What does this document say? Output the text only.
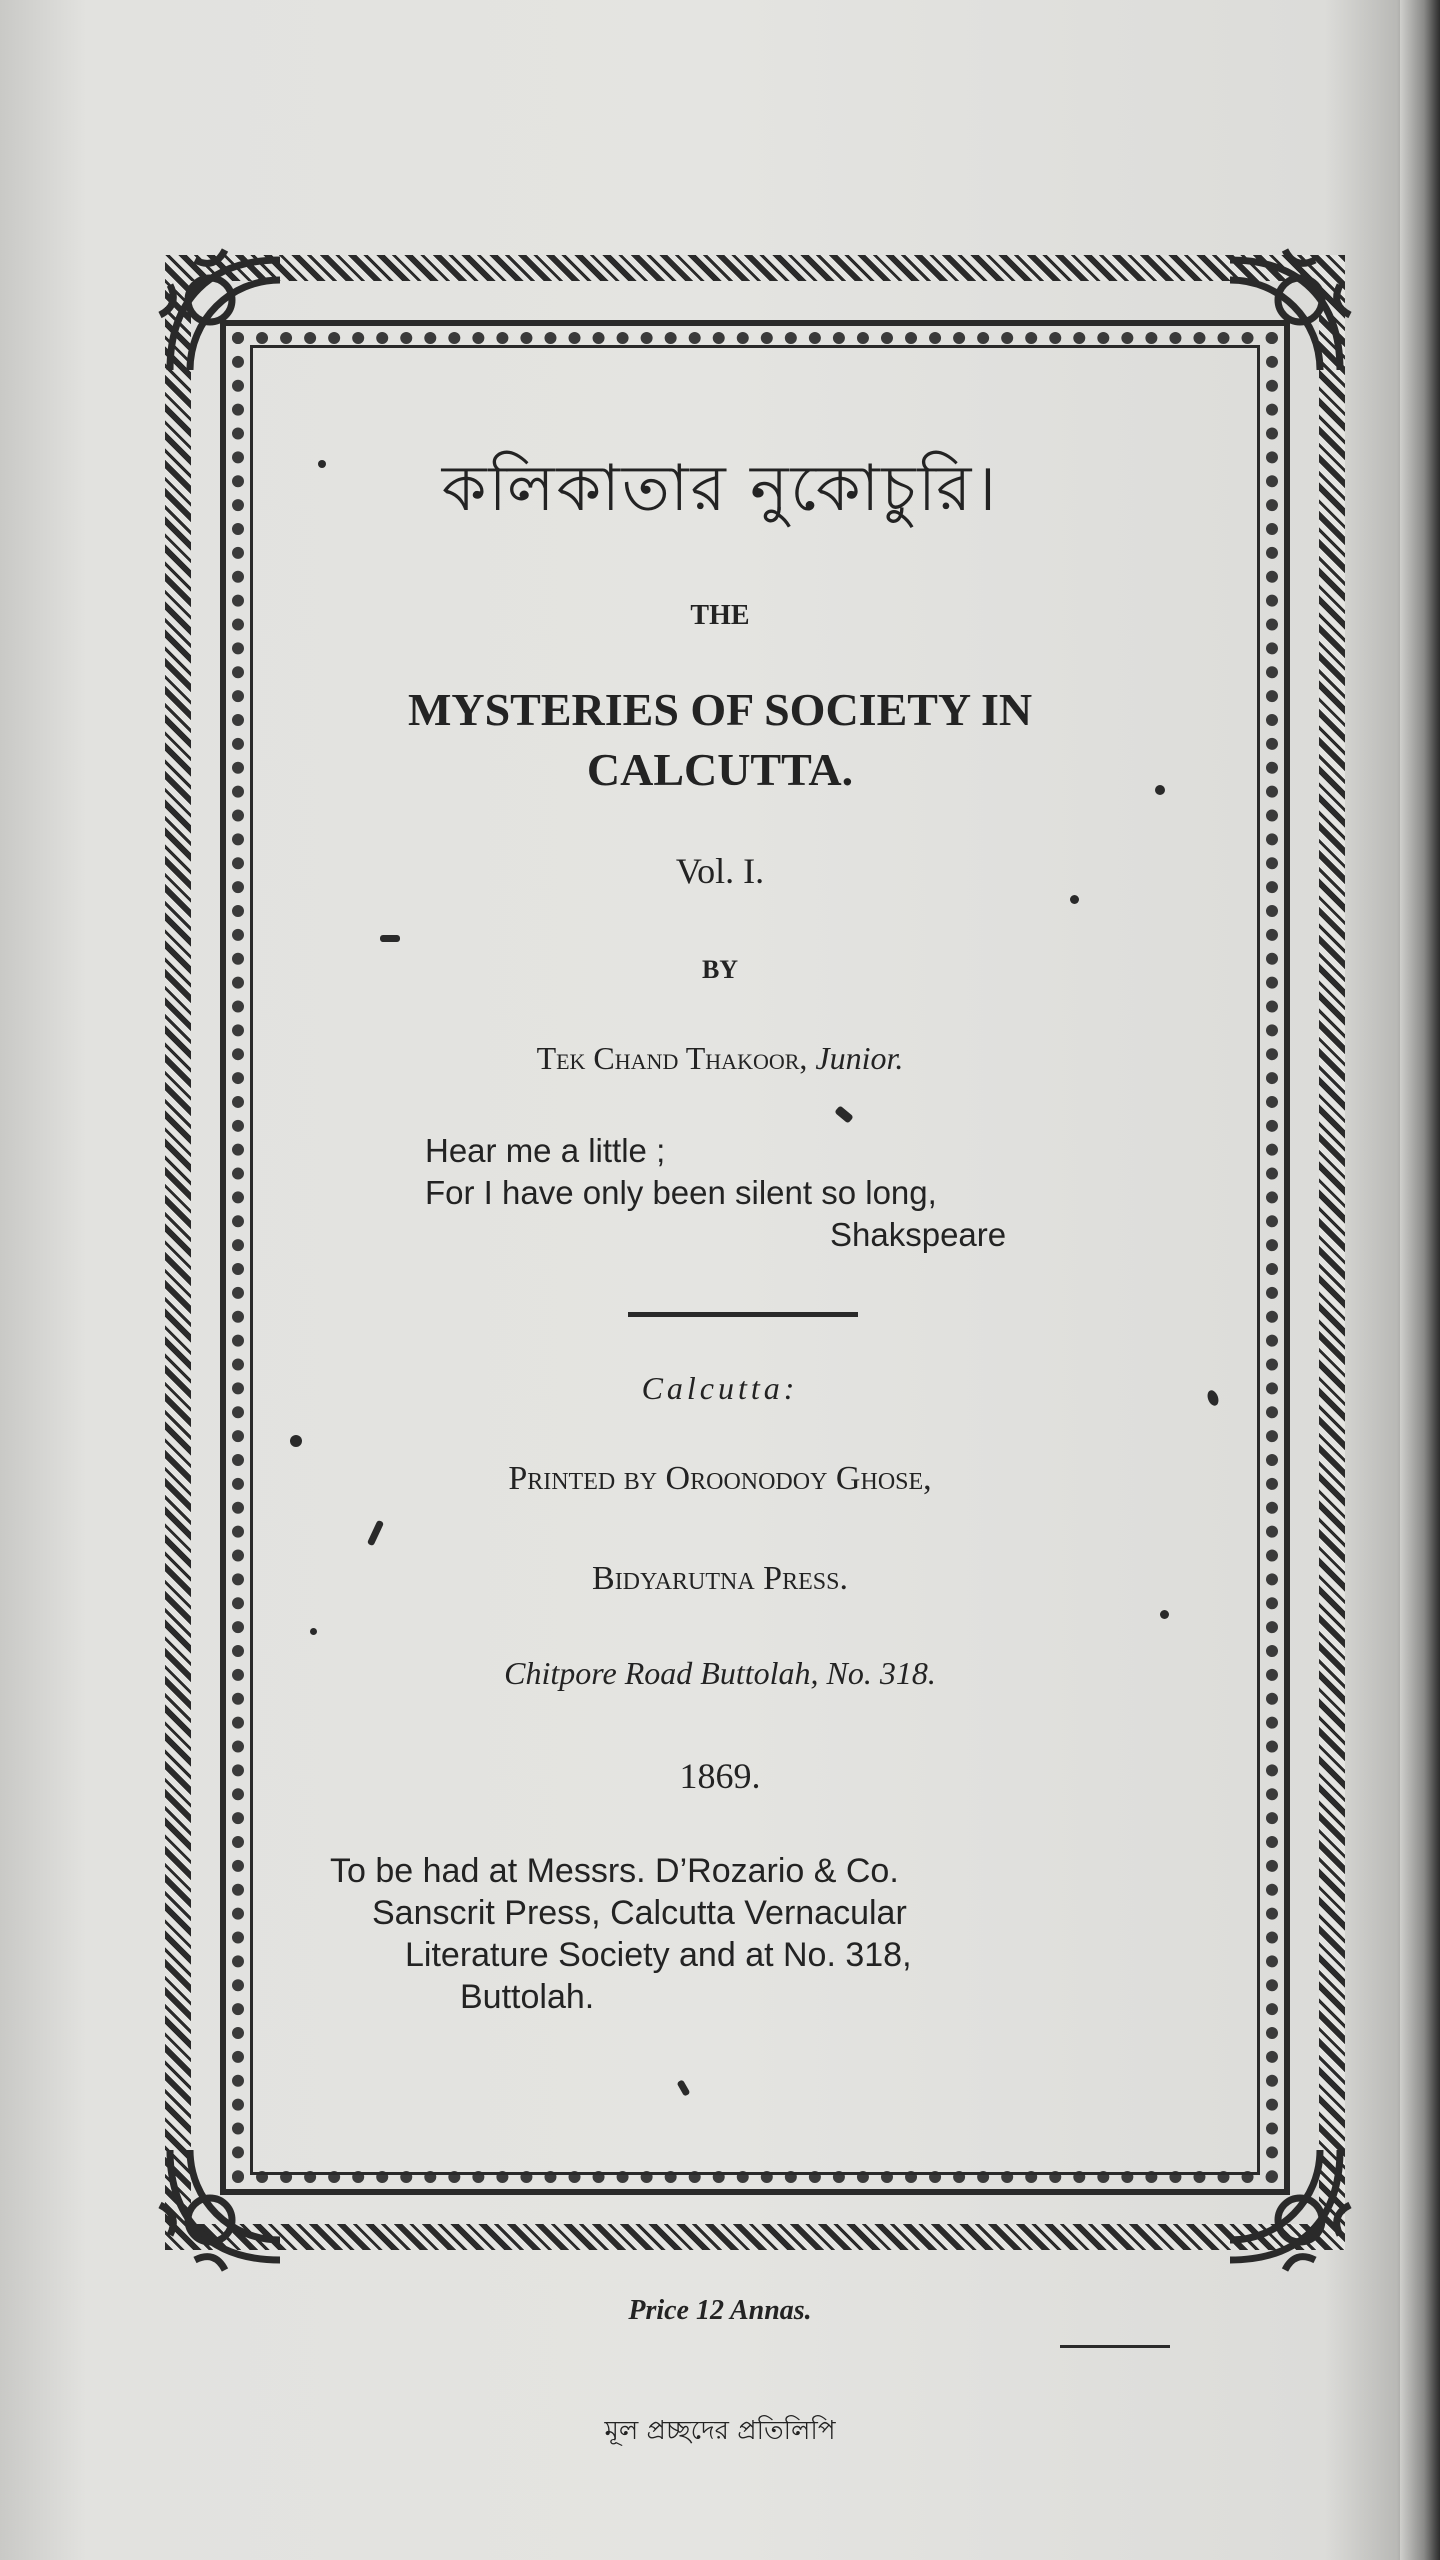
কলিকাতার নুকোচুরি।

THE

MYSTERIES OF SOCIETY IN
CALCUTTA.

Vol. I.

BY

Tek Chand Thakoor, Junior.

Hear me a little ;
For I have only been silent so long,
Shakspeare

Calcutta:

Printed by Oroonodoy Ghose,

Bidyarutna Press.

Chitpore Road Buttolah, No. 318.

1869.

To be had at Messrs. D’Rozario & Co.
Sanscrit Press, Calcutta Vernacular
Literature Society and at No. 318,
Buttolah.

Price 12 Annas.

মূল প্রচ্ছদের প্রতিলিপি
